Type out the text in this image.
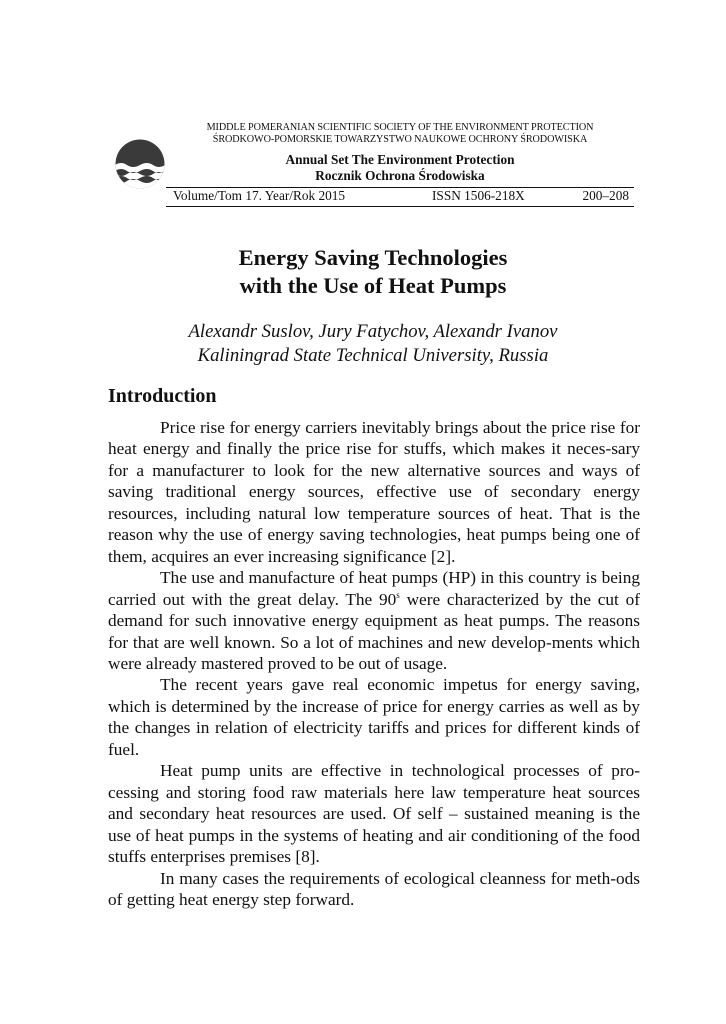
MIDDLE POMERANIAN SCIENTIFIC SOCIETY OF THE ENVIRONMENT PROTECTION
ŚRODKOWO-POMORSKIE TOWARZYSTWO NAUKOWE OCHRONY ŚRODOWISKA
Annual Set The Environment Protection
Rocznik Ochrona Środowiska
Volume/Tom 17. Year/Rok 2015	ISSN 1506-218X	200–208
Energy Saving Technologies
with the Use of Heat Pumps
Alexandr Suslov, Jury Fatychov, Alexandr Ivanov
Kaliningrad State Technical University, Russia
Introduction

Price rise for energy carriers inevitably brings about the price rise for heat energy and finally the price rise for stuffs, which makes it neces-sary for a manufacturer to look for the new alternative sources and ways of saving traditional energy sources, effective use of secondary energy resources, including natural low temperature sources of heat. That is the reason why the use of energy saving technologies, heat pumps being one of them, acquires an ever increasing significance [2].

The use and manufacture of heat pumps (HP) in this country is being carried out with the great delay. The 90$^s$ were characterized by the cut of demand for such innovative energy equipment as heat pumps. The reasons for that are well known. So a lot of machines and new develop-ments which were already mastered proved to be out of usage.

The recent years gave real economic impetus for energy saving, which is determined by the increase of price for energy carries as well as by the changes in relation of electricity tariffs and prices for different kinds of fuel.

Heat pump units are effective in technological processes of pro-cessing and storing food raw materials here law temperature heat sources and secondary heat resources are used. Of self – sustained meaning is the use of heat pumps in the systems of heating and air conditioning of the food stuffs enterprises premises [8].

In many cases the requirements of ecological cleanness for meth-ods of getting heat energy step forward.
